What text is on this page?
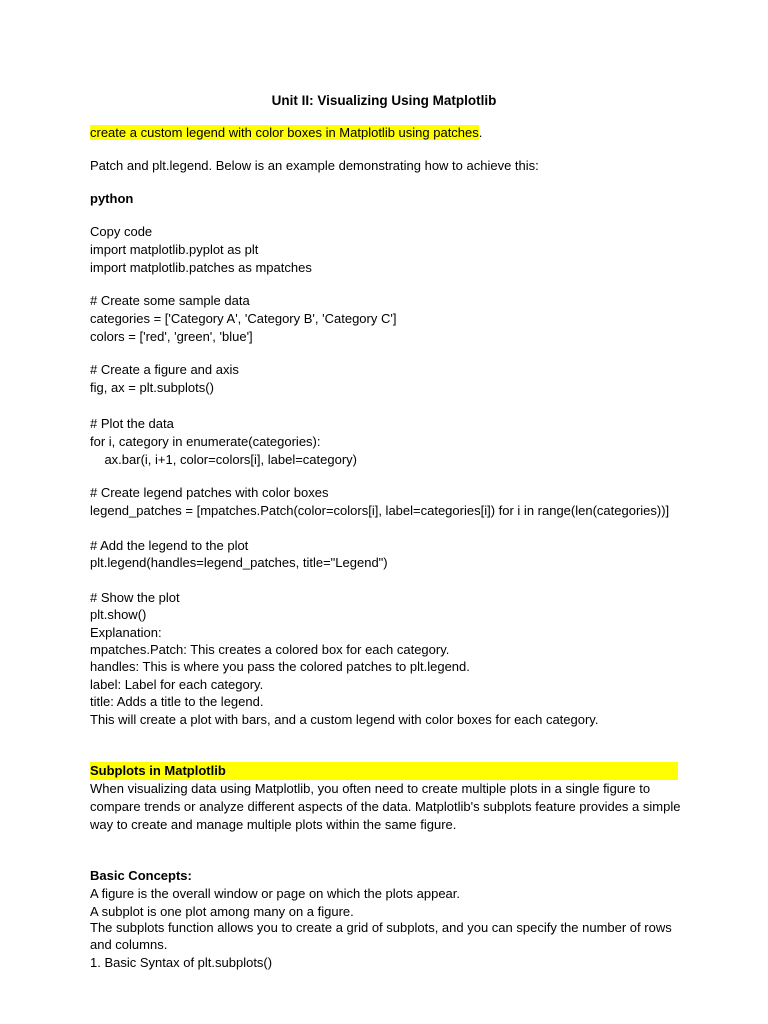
Unit II: Visualizing Using Matplotlib
create a custom legend with color boxes in Matplotlib using patches.
Patch and plt.legend. Below is an example demonstrating how to achieve this:
python
Copy code
import matplotlib.pyplot as plt
import matplotlib.patches as mpatches
# Create some sample data
categories = ['Category A', 'Category B', 'Category C']
colors = ['red', 'green', 'blue']
# Create a figure and axis
fig, ax = plt.subplots()
# Plot the data
for i, category in enumerate(categories):
ax.bar(i, i+1, color=colors[i], label=category)
# Create legend patches with color boxes
legend_patches = [mpatches.Patch(color=colors[i], label=categories[i]) for i in range(len(categories))]
# Add the legend to the plot
plt.legend(handles=legend_patches, title="Legend")
# Show the plot
plt.show()
Explanation:
mpatches.Patch: This creates a colored box for each category.
handles: This is where you pass the colored patches to plt.legend.
label: Label for each category.
title: Adds a title to the legend.
This will create a plot with bars, and a custom legend with color boxes for each category.
Subplots in Matplotlib
When visualizing data using Matplotlib, you often need to create multiple plots in a single figure to
compare trends or analyze different aspects of the data. Matplotlib's subplots feature provides a simple
way to create and manage multiple plots within the same figure.
Basic Concepts:
A figure is the overall window or page on which the plots appear.
A subplot is one plot among many on a figure.
The subplots function allows you to create a grid of subplots, and you can specify the number of rows
and columns.
1. Basic Syntax of plt.subplots()
